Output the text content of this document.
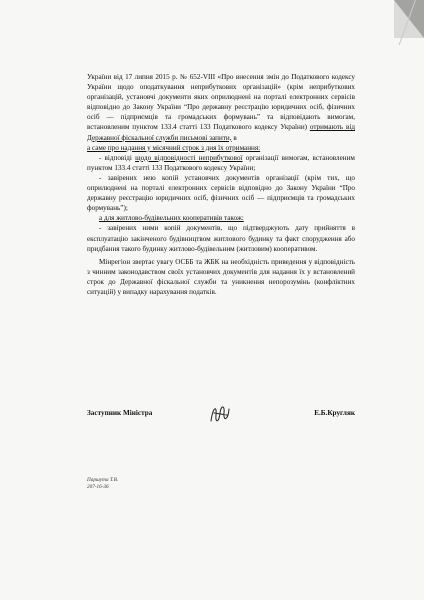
України від 17 липня 2015 р. № 652-VIII «Про внесення змін до Податкового кодексу України щодо оподаткування неприбуткових організацій» (крім неприбуткових організацій, установчі документи яких оприлюднені на порталі електронних сервісів відповідно до Закону України “Про державну реєстрацію юридичних осіб, фізичних осіб — підприємців та громадських формувань” та відповідають вимогам, встановленим пунктом 133.4 статті 133 Податкового кодексу України) отримають від Державної фіскальної служби письмові запити, в

а саме про надання у місячний строк з дня їх отримання:

- відповіді щодо відповідності неприбуткової організації вимогам, встановленим пунктом 133.4 статті 133 Податкового кодексу України;

- завірених нею копій установчих документів організації (крім тих, що оприлюднені на порталі електронних сервісів відповідно до Закону України “Про державну реєстрацію юридичних осіб, фізичних осіб — підприємців та громадських формувань”);

а для житлово-будівельних кооперативів також:

- завірених ними копій документів, що підтверджують дату прийняття в експлуатацію закінченого будівництвом житлового будинку та факт спорудження або придбання такого будинку житлово-будівельним (житловим) кооперативом.

Мінрегіон звертає увагу ОСББ та ЖБК на необхідність приведення у відповідність з чинним законодавством своїх установчих документів для надання їх у встановлений строк до Державної фіскальної служби та уникнення непорозумінь (конфліктних ситуацій) у випадку нарахування податків.

Заступник Міністра	Е.Б.Кругляк
Паршута Т.В.
207-16-36
